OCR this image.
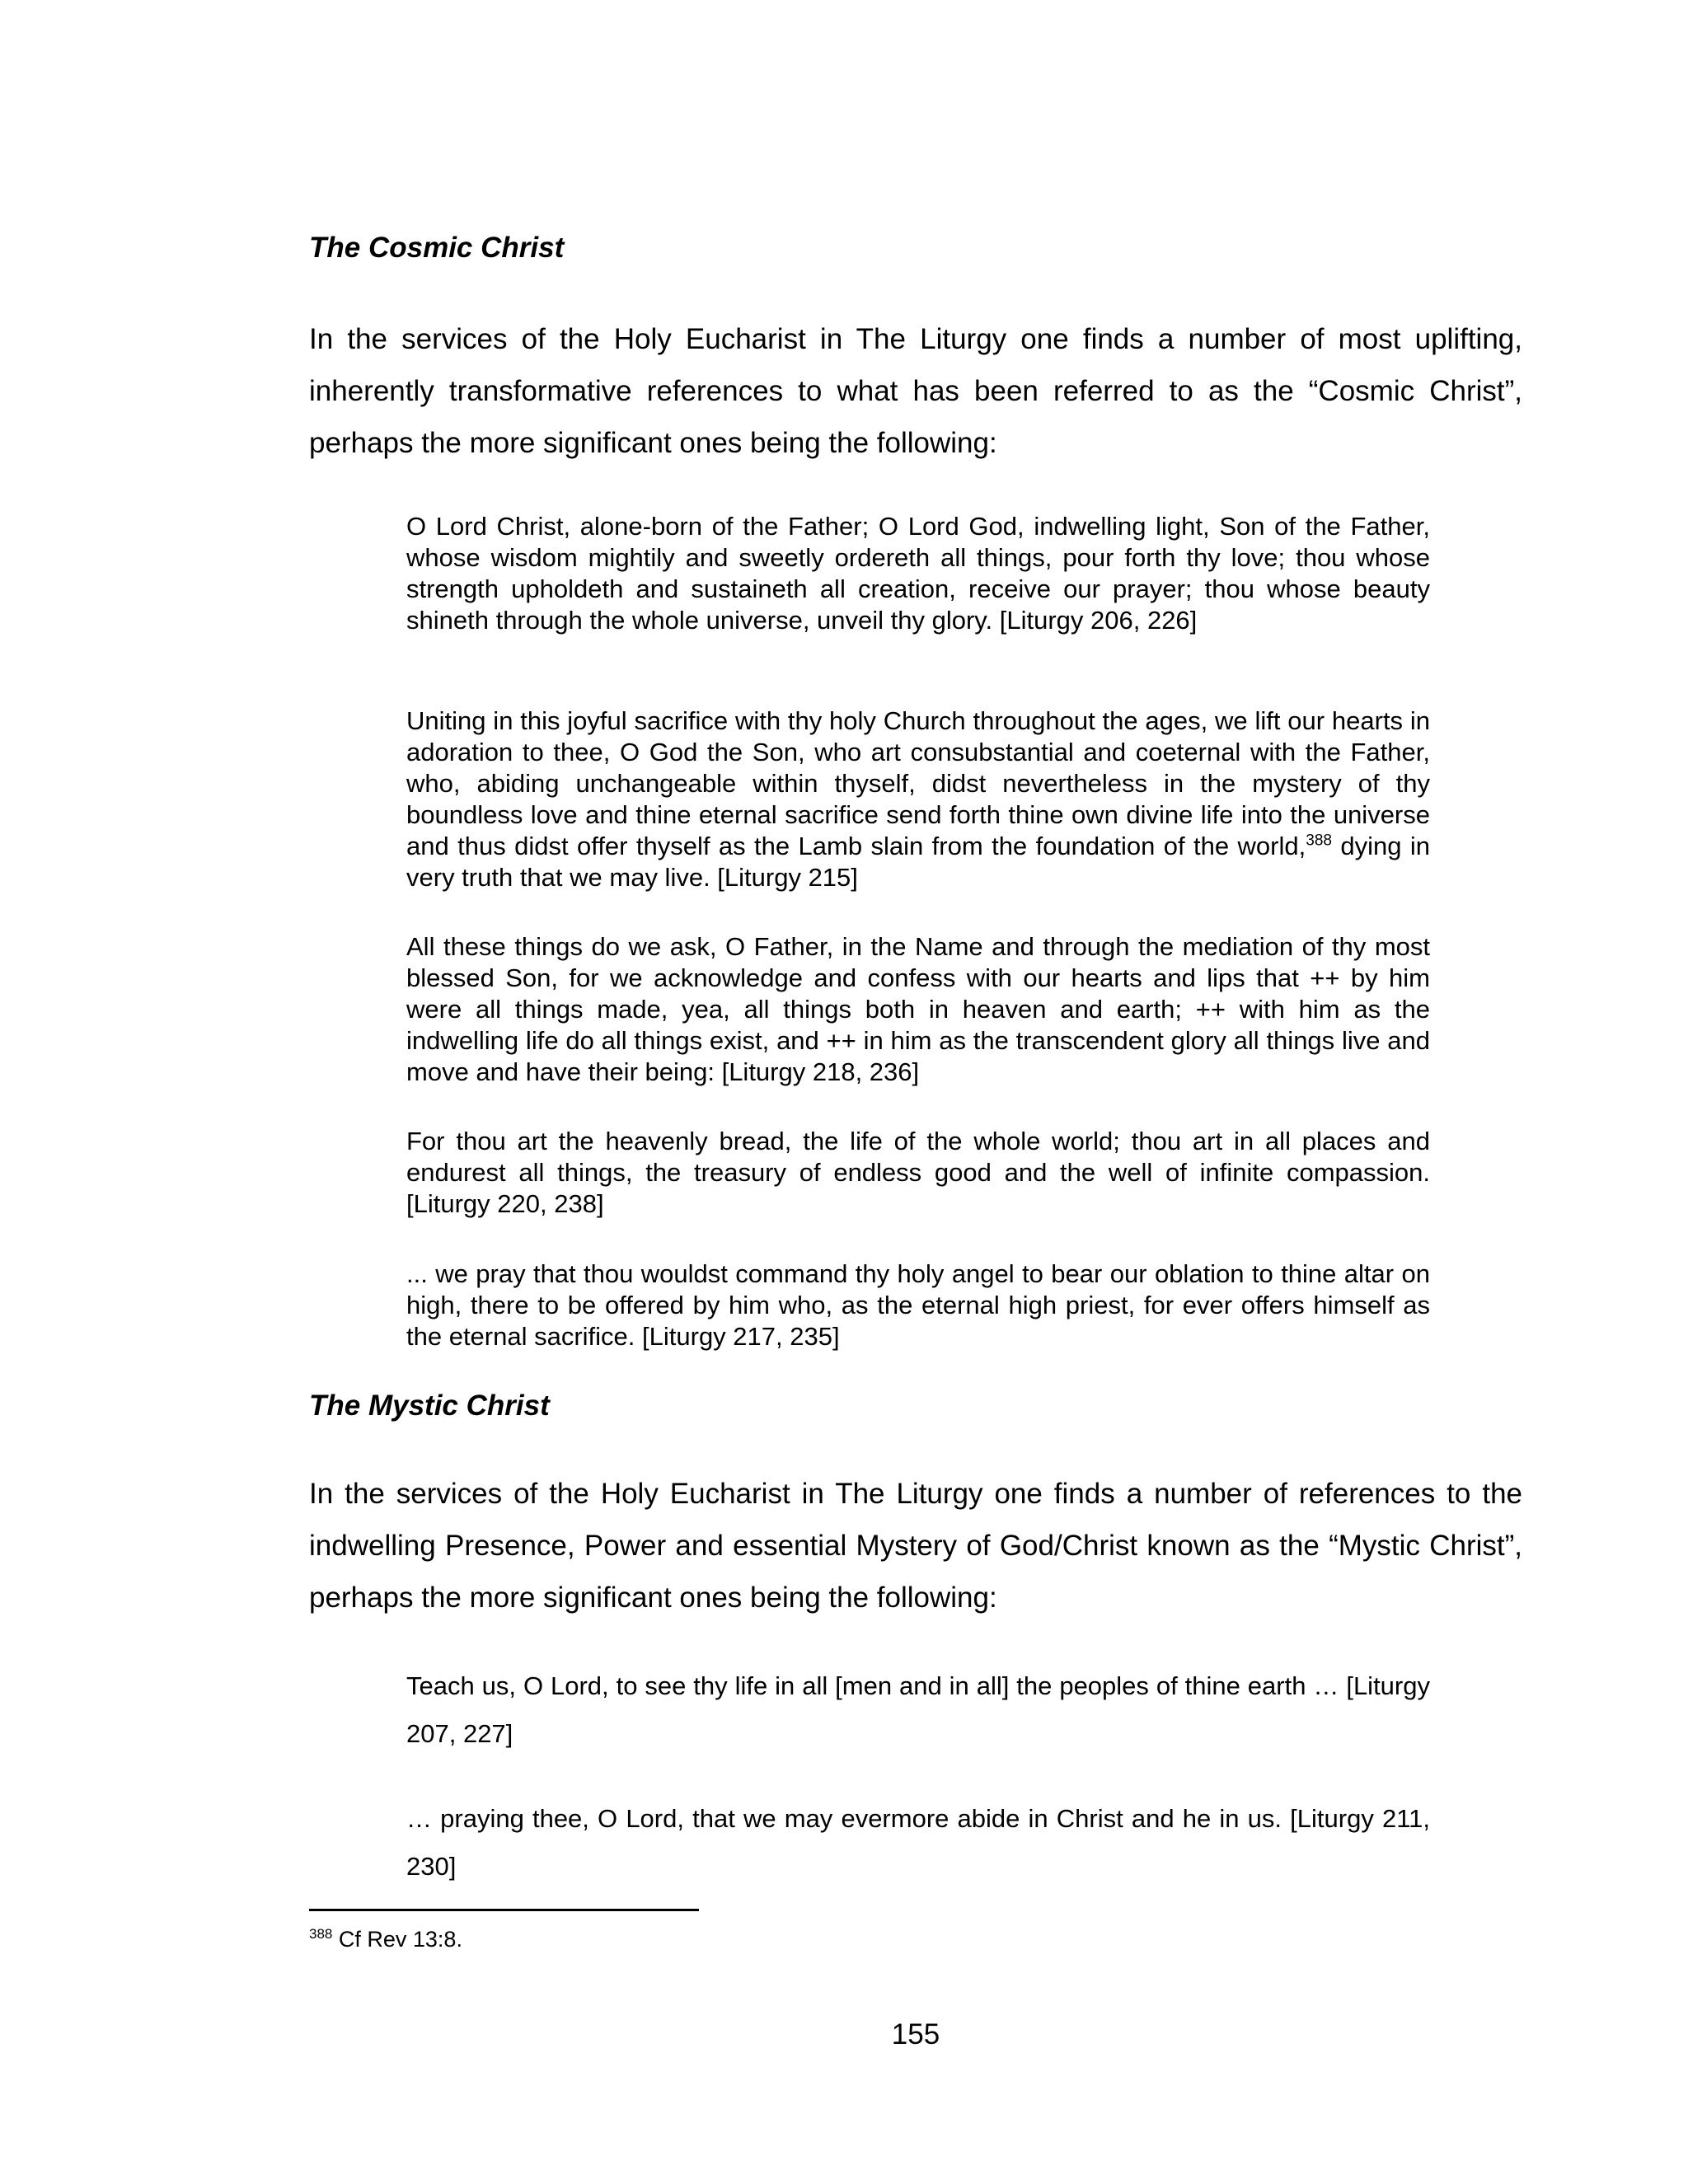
The Cosmic Christ

In the services of the Holy Eucharist in The Liturgy one finds a number of most uplifting, inherently transformative references to what has been referred to as the “Cosmic Christ”, perhaps the more significant ones being the following:

O Lord Christ, alone-born of the Father; O Lord God, indwelling light, Son of the Father, whose wisdom mightily and sweetly ordereth all things, pour forth thy love; thou whose strength upholdeth and sustaineth all creation, receive our prayer; thou whose beauty shineth through the whole universe, unveil thy glory. [Liturgy 206, 226]

Uniting in this joyful sacrifice with thy holy Church throughout the ages, we lift our hearts in adoration to thee, O God the Son, who art consubstantial and coeternal with the Father, who, abiding unchangeable within thyself, didst nevertheless in the mystery of thy boundless love and thine eternal sacrifice send forth thine own divine life into the universe and thus didst offer thyself as the Lamb slain from the foundation of the world,$^{388}$ dying in very truth that we may live. [Liturgy 215]

All these things do we ask, O Father, in the Name and through the mediation of thy most blessed Son, for we acknowledge and confess with our hearts and lips that ++ by him were all things made, yea, all things both in heaven and earth; ++ with him as the indwelling life do all things exist, and ++ in him as the transcendent glory all things live and move and have their being: [Liturgy 218, 236]

For thou art the heavenly bread, the life of the whole world; thou art in all places and endurest all things, the treasury of endless good and the well of infinite compassion. [Liturgy 220, 238]

... we pray that thou wouldst command thy holy angel to bear our oblation to thine altar on high, there to be offered by him who, as the eternal high priest, for ever offers himself as the eternal sacrifice. [Liturgy 217, 235]

The Mystic Christ

In the services of the Holy Eucharist in The Liturgy one finds a number of references to the indwelling Presence, Power and essential Mystery of God/Christ known as the “Mystic Christ”, perhaps the more significant ones being the following:

Teach us, O Lord, to see thy life in all [men and in all] the peoples of thine earth … [Liturgy 207, 227]

… praying thee, O Lord, that we may evermore abide in Christ and he in us. [Liturgy 211, 230]

$^{388}$ Cf Rev 13:8.

155
